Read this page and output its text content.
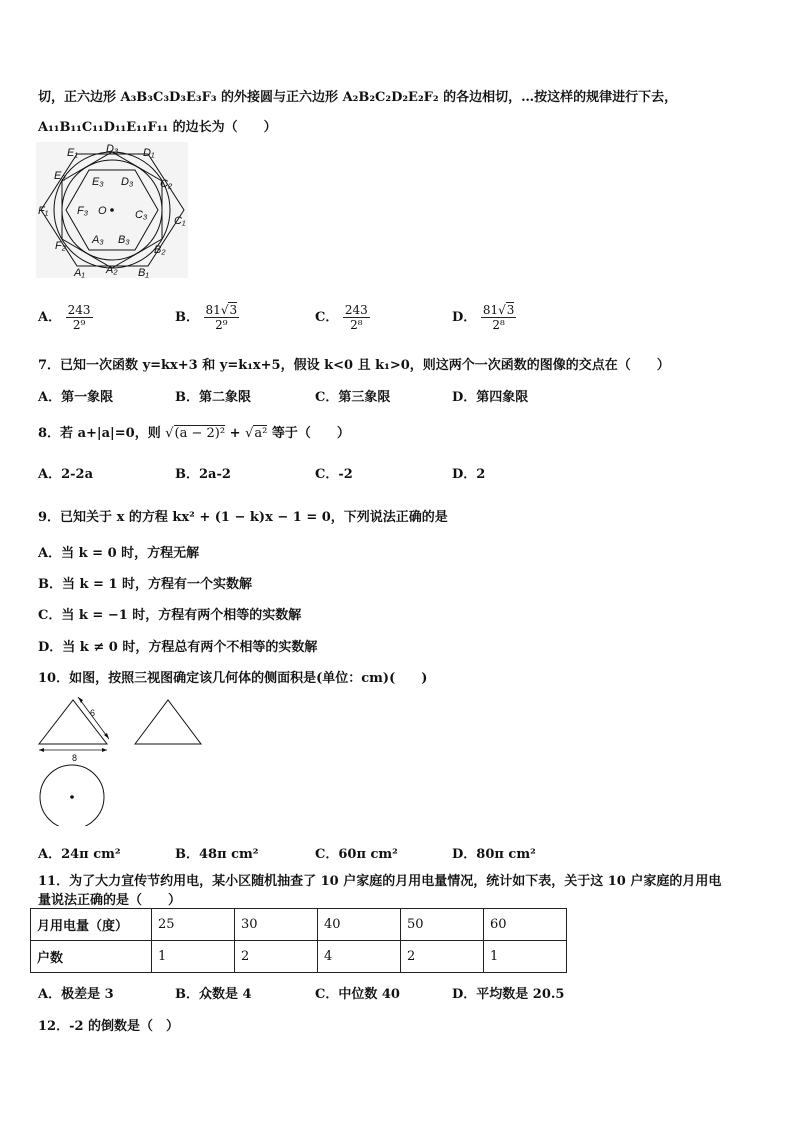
切，正六边形 A₃B₃C₃D₃E₃F₃ 的外接圆与正六边形 A₂B₂C₂D₂E₂F₂ 的各边相切，…按这样的规律进行下去，
A₁₁B₁₁C₁₁D₁₁E₁₁F₁₁ 的边长为（　　）
E₁	D₃ D₁
E₂ E₃ D₃ C₂
F₁	F₃ O	C₃ C₁
F₂ A₃ B₃
B₂
A₁ A₂ B₁
A． $\frac{243}{\text{2⁹}}$	B． $\frac{81√3}{\text{2⁹}}$	C． $\frac{243}{\text{2⁸}}$	D． $\frac{81√3}{\text{2⁸}}$
7．已知一次函数 y=kx+3 和 y=k₁x+5，假设 k<0 且 k₁>0，则这两个一次函数的图像的交点在（　　）
A．第一象限	B．第二象限	C．第三象限	D．第四象限
8．若 a+|a|=0，则 √(a − 2)² + √a² 等于（　　）
A．2-2a	B．2a-2	C．-2	D．2
9．已知关于 x 的方程 kx² + (1 − k)x − 1 = 0，下列说法正确的是
A．当 k = 0 时，方程无解
B．当 k = 1 时，方程有一个实数解
C．当 k = −1 时，方程有两个相等的实数解
D．当 k ≠ 0 时，方程总有两个不相等的实数解
10．如图，按照三视图确定该几何体的侧面积是(单位：cm)(　　)
6
8
A．24π cm²	B．48π cm²	C．60π cm²	D．80π cm²
11．为了大力宣传节约用电，某小区随机抽查了 10 户家庭的月用电量情况，统计如下表，关于这 10 户家庭的月用电
量说法正确的是（　　）
月用电量（度）	25	30	40	50	60
户数	1	2	4	2	1
A．极差是 3	B．众数是 4	C．中位数 40	D．平均数是 20.5
12．-2 的倒数是（　）
